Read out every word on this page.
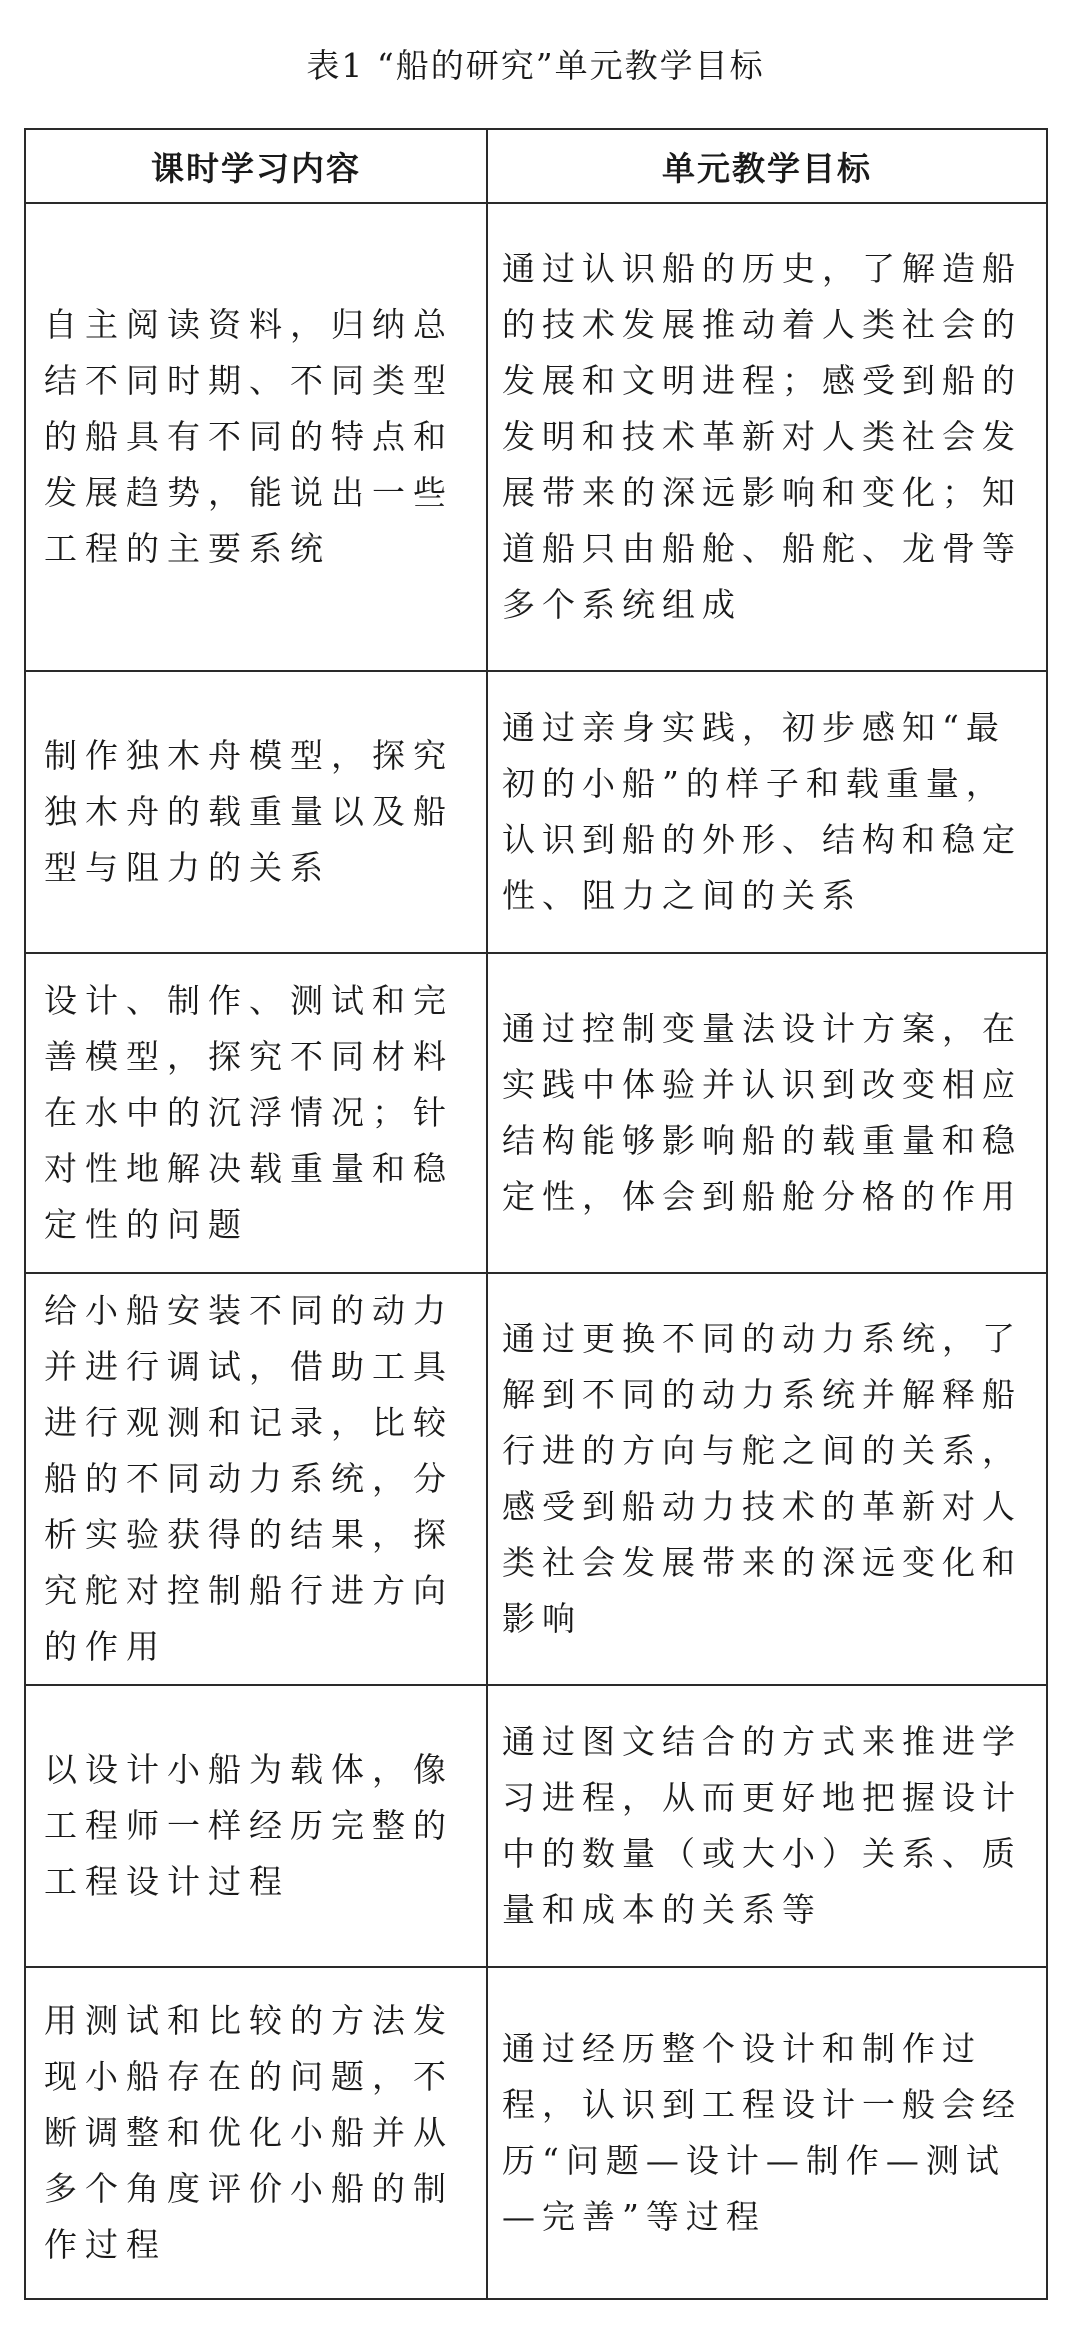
表1 “船的研究”单元教学目标
课时学习内容	单元教学目标
自主阅读资料，归纳总结不同时期、不同类型的船具有不同的特点和发展趋势，能说出一些工程的主要系统	通过认识船的历史，了解造船的技术发展推动着人类社会的发展和文明进程；感受到船的发明和技术革新对人类社会发展带来的深远影响和变化；知道船只由船舱、船舵、龙骨等多个系统组成
制作独木舟模型，探究独木舟的载重量以及船型与阻力的关系	通过亲身实践，初步感知“最初的小船”的样子和载重量，认识到船的外形、结构和稳定性、阻力之间的关系
设计、制作、测试和完善模型，探究不同材料在水中的沉浮情况；针对性地解决载重量和稳定性的问题	通过控制变量法设计方案，在实践中体验并认识到改变相应结构能够影响船的载重量和稳定性，体会到船舱分格的作用
给小船安装不同的动力并进行调试，借助工具进行观测和记录，比较船的不同动力系统，分析实验获得的结果，探究舵对控制船行进方向的作用	通过更换不同的动力系统，了解到不同的动力系统并解释船行进的方向与舵之间的关系，感受到船动力技术的革新对人类社会发展带来的深远变化和影响
以设计小船为载体，像工程师一样经历完整的工程设计过程	通过图文结合的方式来推进学习进程，从而更好地把握设计中的数量（或大小）关系、质量和成本的关系等
用测试和比较的方法发现小船存在的问题，不断调整和优化小船并从多个角度评价小船的制作过程	通过经历整个设计和制作过程，认识到工程设计一般会经历“问题—设计—制作—测试—完善”等过程
